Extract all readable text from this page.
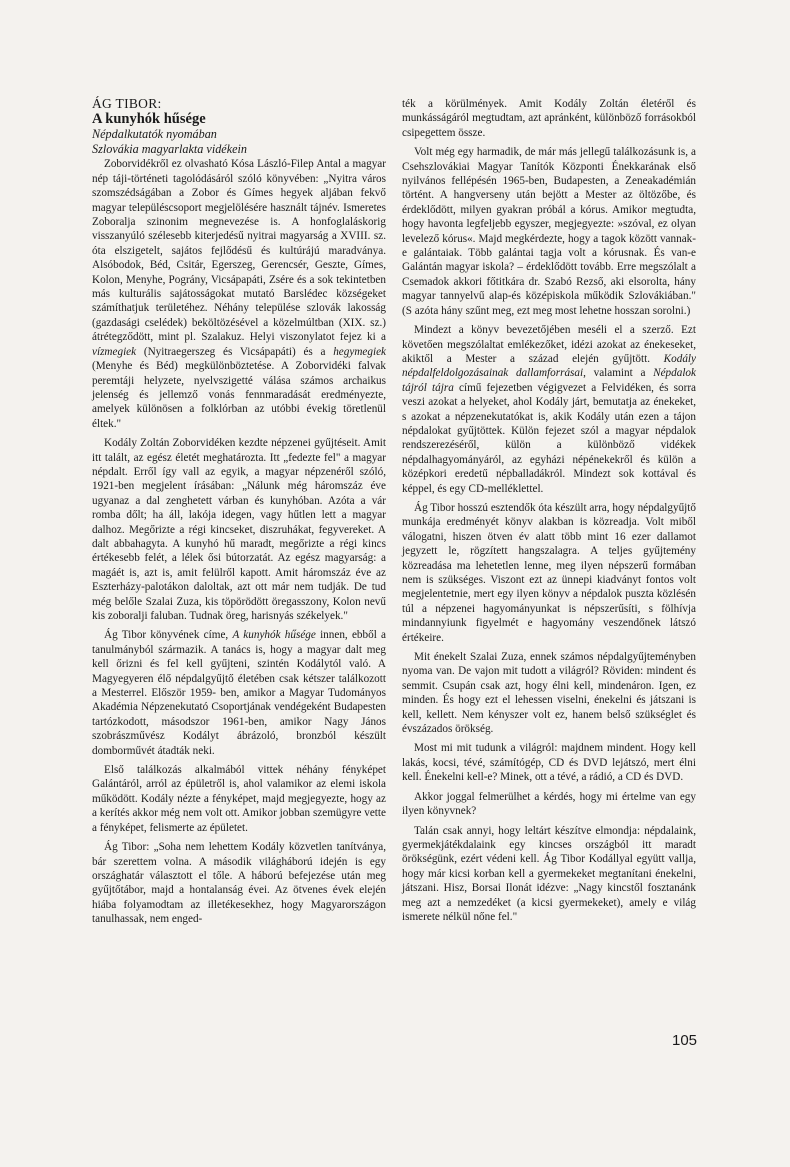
ÁG TIBOR:

A kunyhók hűsége

Népdalkutatók nyomában

Szlovákia magyarlakta vidékein

Zoborvidékről ez olvasható Kósa László-Filep Antal a magyar nép táji-történeti tagolódásáról szóló könyvében: „Nyitra város szomszédságában a Zobor és Gímes hegyek aljában fekvő magyar településcsoport megjelölésére használt tájnév. Ismeretes Zoboralja szinonim megnevezése is. A honfoglaláskorig visszanyúló szélesebb kiterjedésű nyitrai magyarság a XVIII. sz. óta elszigetelt, sajátos fejlődésű és kultúrájú maradványa. Alsóbodok, Béd, Csitár, Egerszeg, Gerencsér, Geszte, Gímes, Kolon, Menyhe, Pográny, Vicsápapáti, Zsére és a sok tekintetben más kulturális sajátosságokat mutató Barslédec községeket számíthatjuk területéhez. Néhány települése szlovák lakosság (gazdasági cselédek) beköltözésével a közelmúltban (XIX. sz.) átrétegződött, mint pl. Szalakuz. Helyi viszonylatot fejez ki a vízmegiek (Nyitraegerszeg és Vicsápapáti) és a hegymegiek (Menyhe és Béd) megkülönböztetése. A Zoborvidéki falvak peremtáji helyzete, nyelvszigetté válása számos archaikus jelenség és jellemző vonás fennmaradását eredményezte, amelyek különösen a folklórban az utóbbi évekig töretlenül éltek."

Kodály Zoltán Zoborvidéken kezdte népzenei gyűjtéseit. Amit itt talált, az egész életét meghatározta. Itt „fedezte fel" a magyar népdalt. Erről így vall az egyik, a magyar népzenéről szóló, 1921-ben megjelent írásában: „Nálunk még háromszáz éve ugyanaz a dal zenghetett várban és kunyhóban. Azóta a vár romba dőlt; ha áll, lakója idegen, vagy hűtlen lett a magyar dalhoz. Megőrizte a régi kincseket, diszruhákat, fegyvereket. A dalt abbahagyta. A kunyhó hű maradt, megőrizte a régi kincs értékesebb felét, a lélek ősi bútorzatát. Az egész magyarság: a magáét is, azt is, amit felülről kapott. Amit háromszáz éve az Eszterházy-palotákon daloltak, azt ott már nem tudják. De tud még belőle Szalai Zuza, kis töpörödött öregasszony, Kolon nevű kis zoboralji faluban. Tudnak öreg, harisnyás székelyek."

Ág Tibor könyvének címe, A kunyhók hűsége innen, ebből a tanulmányból származik. A tanács is, hogy a magyar dalt meg kell őrizni és fel kell gyűjteni, szintén Kodálytól való. A Magyegyeren élő népdalgyűjtő életében csak kétszer találkozott a Mesterrel. Először 1959- ben, amikor a Magyar Tudományos Akadémia Népzenekutató Csoportjának vendégeként Budapesten tartózkodott, másodszor 1961-ben, amikor Nagy János szobrászművész Kodályt ábrázoló, bronzból készült domborművét átadták neki.

Első találkozás alkalmából vittek néhány fényképet Galántáról, arról az épületről is, ahol valamikor az elemi iskola működött. Kodály nézte a fényképet, majd megjegyezte, hogy az a kerítés akkor még nem volt ott. Amikor jobban szemügyre vette a fényképet, felismerte az épületet.

Ág Tibor: „Soha nem lehettem Kodály közvetlen tanítványa, bár szerettem volna. A második világháború idején is egy országhatár választott el tőle. A háború befejezése után meg gyűjtőtábor, majd a hontalanság évei. Az ötvenes évek elején hiába folyamodtam az illetékesekhez, hogy Magyarországon tanulhassak, nem enged-

ték a körülmények. Amit Kodály Zoltán életéről és munkásságáról megtudtam, azt apránként, különböző forrásokból csipegettem össze.

Volt még egy harmadik, de már más jellegű találkozásunk is, a Csehszlovákiai Magyar Tanítók Központi Énekkarának első nyilvános fellépésén 1965-ben, Budapesten, a Zeneakadémián történt. A hangverseny után bejött a Mester az öltözőbe, és érdeklődött, milyen gyakran próbál a kórus. Amikor megtudta, hogy havonta legfeljebb egyszer, megjegyezte: »szóval, ez olyan levelező kórus«. Majd megkérdezte, hogy a tagok között vannak-e galántaiak. Több galántai tagja volt a kórusnak. És van-e Galántán magyar iskola? – érdeklődött tovább. Erre megszólalt a Csemadok akkori főtitkára dr. Szabó Rezső, aki elsorolta, hány magyar tannyelvű alap-és középiskola működik Szlovákiában." (S azóta hány szűnt meg, ezt meg most lehetne hosszan sorolni.)

Mindezt a könyv bevezetőjében meséli el a szerző. Ezt követően megszólaltat emlékezőket, idézi azokat az énekeseket, akiktől a Mester a század elején gyűjtött. Kodály népdalfeldolgozásainak dallamforrásai, valamint a Népdalok tájról tájra című fejezetben végigvezet a Felvidéken, és sorra veszi azokat a helyeket, ahol Kodály járt, bemutatja az énekeket, s azokat a népzenekutatókat is, akik Kodály után ezen a tájon népdalokat gyűjtöttek. Külön fejezet szól a magyar népdalok rendszerezéséről, külön a különböző vidékek népdalhagyományáról, az egyházi népénekekről és külön a középkori eredetű népballadákról. Mindezt sok kottával és képpel, és egy CD-melléklettel.

Ág Tibor hosszú esztendők óta készült arra, hogy népdalgyűjtő munkája eredményét könyv alakban is közreadja. Volt miből válogatni, hiszen ötven év alatt több mint 16 ezer dallamot jegyzett le, rögzített hangszalagra. A teljes gyűjtemény közreadása ma lehetetlen lenne, meg ilyen népszerű formában nem is szükséges. Viszont ezt az ünnepi kiadványt fontos volt megjelentetnie, mert egy ilyen könyv a népdalok puszta közlésén túl a népzenei hagyományunkat is népszerűsíti, s fölhívja mindannyiunk figyelmét e hagyomány veszendőnek látszó értékeire.

Mit énekelt Szalai Zuza, ennek számos népdalgyűjteményben nyoma van. De vajon mit tudott a világról? Röviden: mindent és semmit. Csupán csak azt, hogy élni kell, mindenáron. Igen, ez minden. És hogy ezt el lehessen viselni, énekelni és játszani is kell, kellett. Nem kényszer volt ez, hanem belső szükséglet és évszázados örökség.

Most mi mit tudunk a világról: majdnem mindent. Hogy kell lakás, kocsi, tévé, számítógép, CD és DVD lejátszó, mert élni kell. Énekelni kell-e? Minek, ott a tévé, a rádió, a CD és DVD.

Akkor joggal felmerülhet a kérdés, hogy mi értelme van egy ilyen könyvnek?

Talán csak annyi, hogy leltárt készítve elmondja: népdalaink, gyermekjátékdalaink egy kincses országból itt maradt örökségünk, ezért védeni kell. Ág Tibor Kodállyal együtt vallja, hogy már kicsi korban kell a gyermekeket megtanítani énekelni, játszani. Hisz, Borsai Ilonát idézve: „Nagy kincstől fosztanánk meg azt a nemzedéket (a kicsi gyermekeket), amely e világ ismerete nélkül nőne fel."

105
